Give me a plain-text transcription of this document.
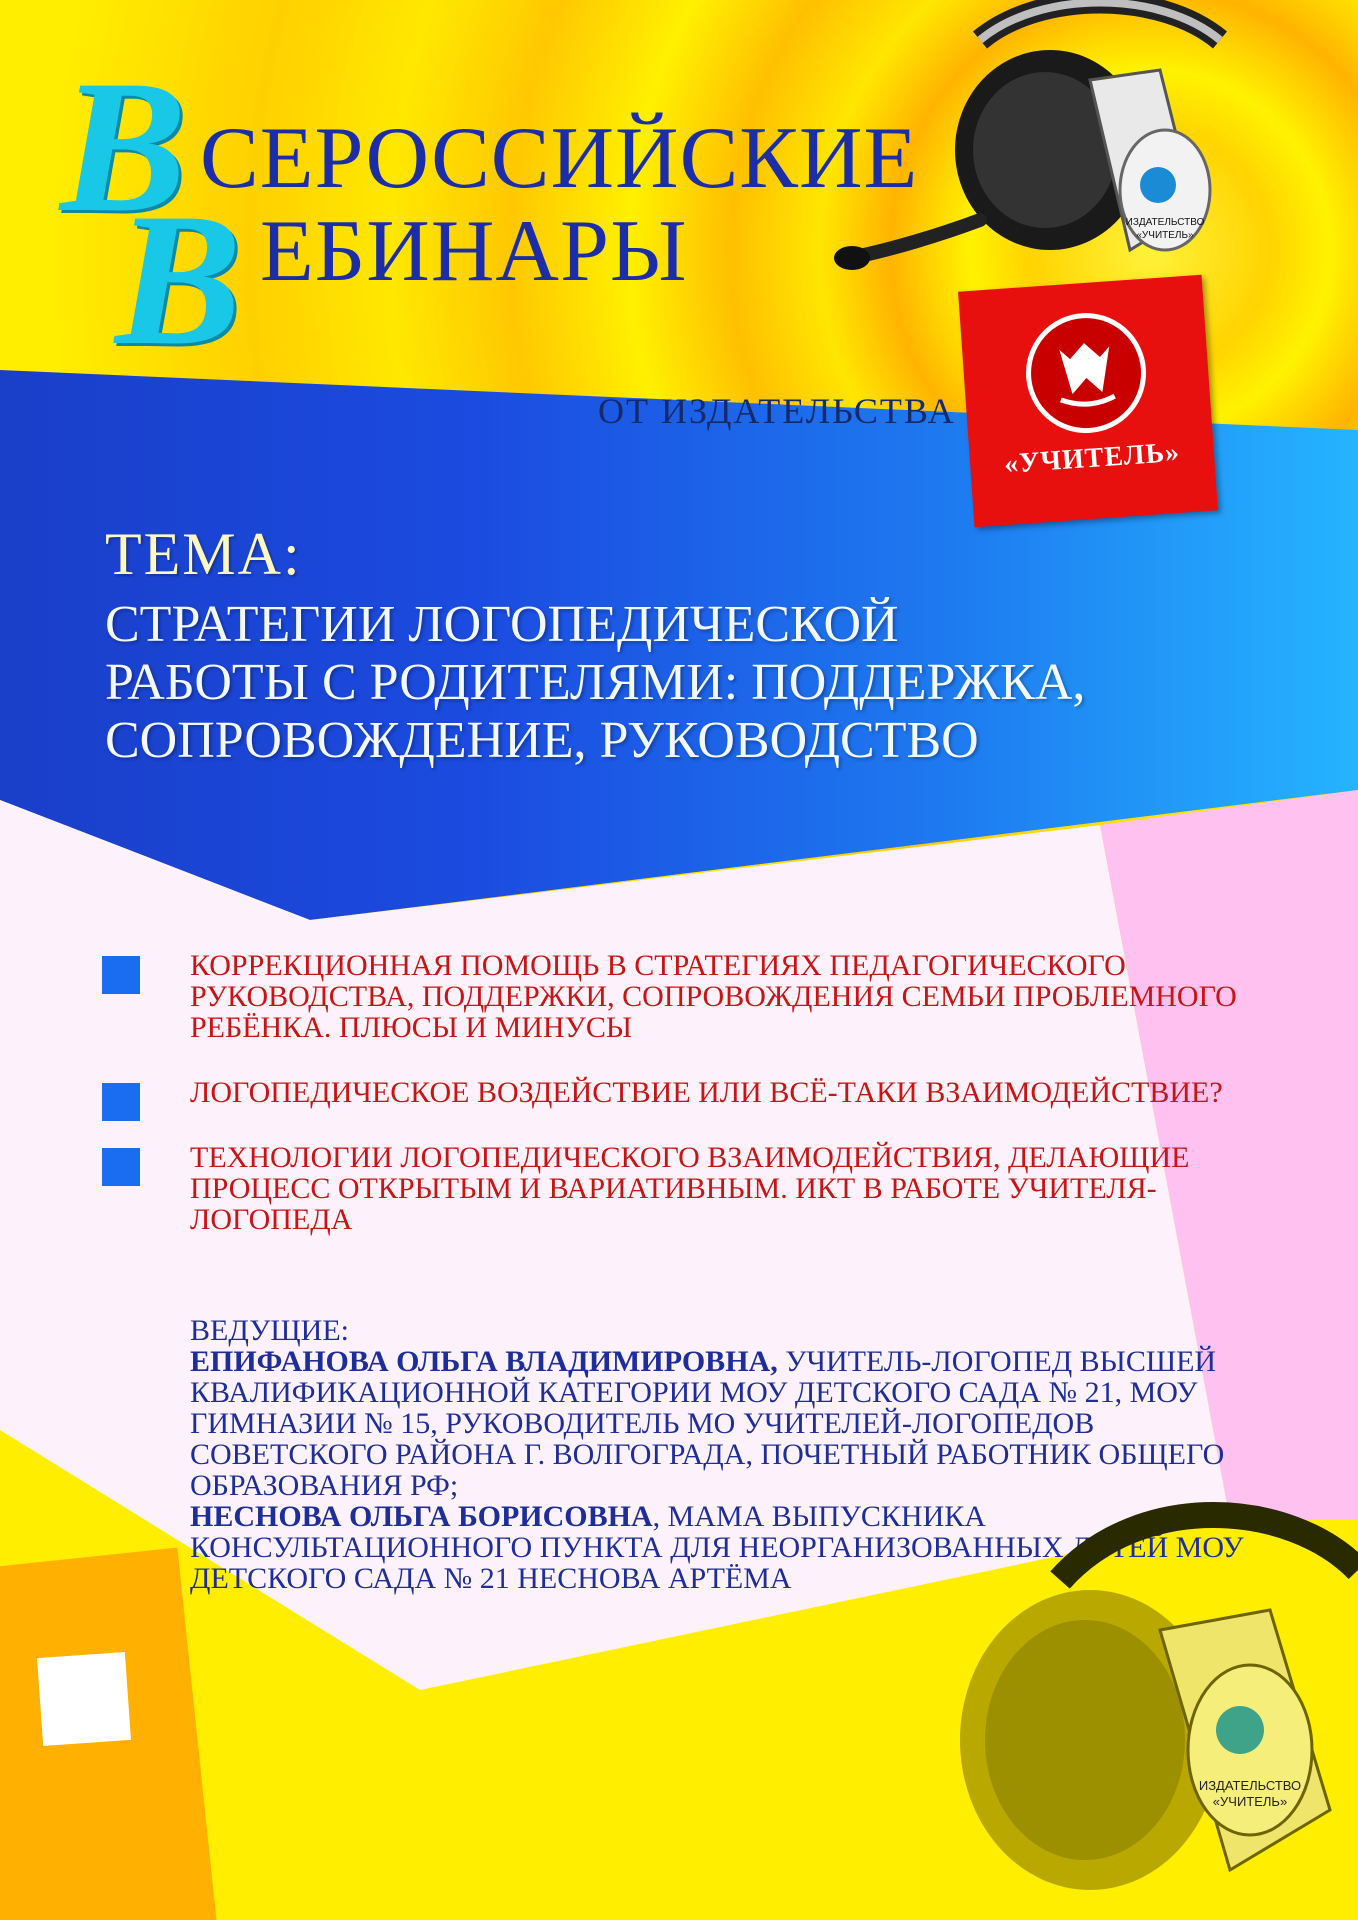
В СЕРОССИЙСКИЕ
В ЕБИНАРЫ
ОТ ИЗДАТЕЛЬСТВА
ИЗДАТЕЛЬСТВО
«УЧИТЕЛЬ»
«УЧИТЕЛЬ»
ТЕМА:
СТРАТЕГИИ ЛОГОПЕДИЧЕСКОЙ
РАБОТЫ С РОДИТЕЛЯМИ: ПОДДЕРЖКА,
СОПРОВОЖДЕНИЕ, РУКОВОДСТВО
КОРРЕКЦИОННАЯ ПОМОЩЬ В СТРАТЕГИЯХ ПЕДАГОГИЧЕСКОГО РУКОВОДСТВА, ПОДДЕРЖКИ, СОПРОВОЖДЕНИЯ СЕМЬИ ПРОБЛЕМНОГО РЕБЁНКА. ПЛЮСЫ И МИНУСЫ
ЛОГОПЕДИЧЕСКОЕ ВОЗДЕЙСТВИЕ ИЛИ ВСЁ-ТАКИ ВЗАИМОДЕЙСТВИЕ?
ТЕХНОЛОГИИ ЛОГОПЕДИЧЕСКОГО ВЗАИМОДЕЙСТВИЯ, ДЕЛАЮЩИЕ ПРОЦЕСС ОТКРЫТЫМ И ВАРИАТИВНЫМ. ИКТ В РАБОТЕ УЧИТЕЛЯ-ЛОГОПЕДА
ВЕДУЩИЕ:
ЕПИФАНОВА ОЛЬГА ВЛАДИМИРОВНА, УЧИТЕЛЬ-ЛОГОПЕД ВЫСШЕЙ КВАЛИФИКАЦИОННОЙ КАТЕГОРИИ МОУ ДЕТСКОГО САДА № 21, МОУ ГИМНАЗИИ № 15, РУКОВОДИТЕЛЬ МО УЧИТЕЛЕЙ-ЛОГОПЕДОВ СОВЕТСКОГО РАЙОНА Г. ВОЛГОГРАДА, ПОЧЕТНЫЙ РАБОТНИК ОБЩЕГО ОБРАЗОВАНИЯ РФ;
НЕСНОВА ОЛЬГА БОРИСОВНА, МАМА ВЫПУСКНИКА КОНСУЛЬТАЦИОННОГО ПУНКТА ДЛЯ НЕОРГАНИЗОВАННЫХ ДЕТЕЙ МОУ ДЕТСКОГО САДА № 21 НЕСНОВА АРТЁМА
ИЗДАТЕЛЬСТВО
«УЧИТЕЛЬ»
